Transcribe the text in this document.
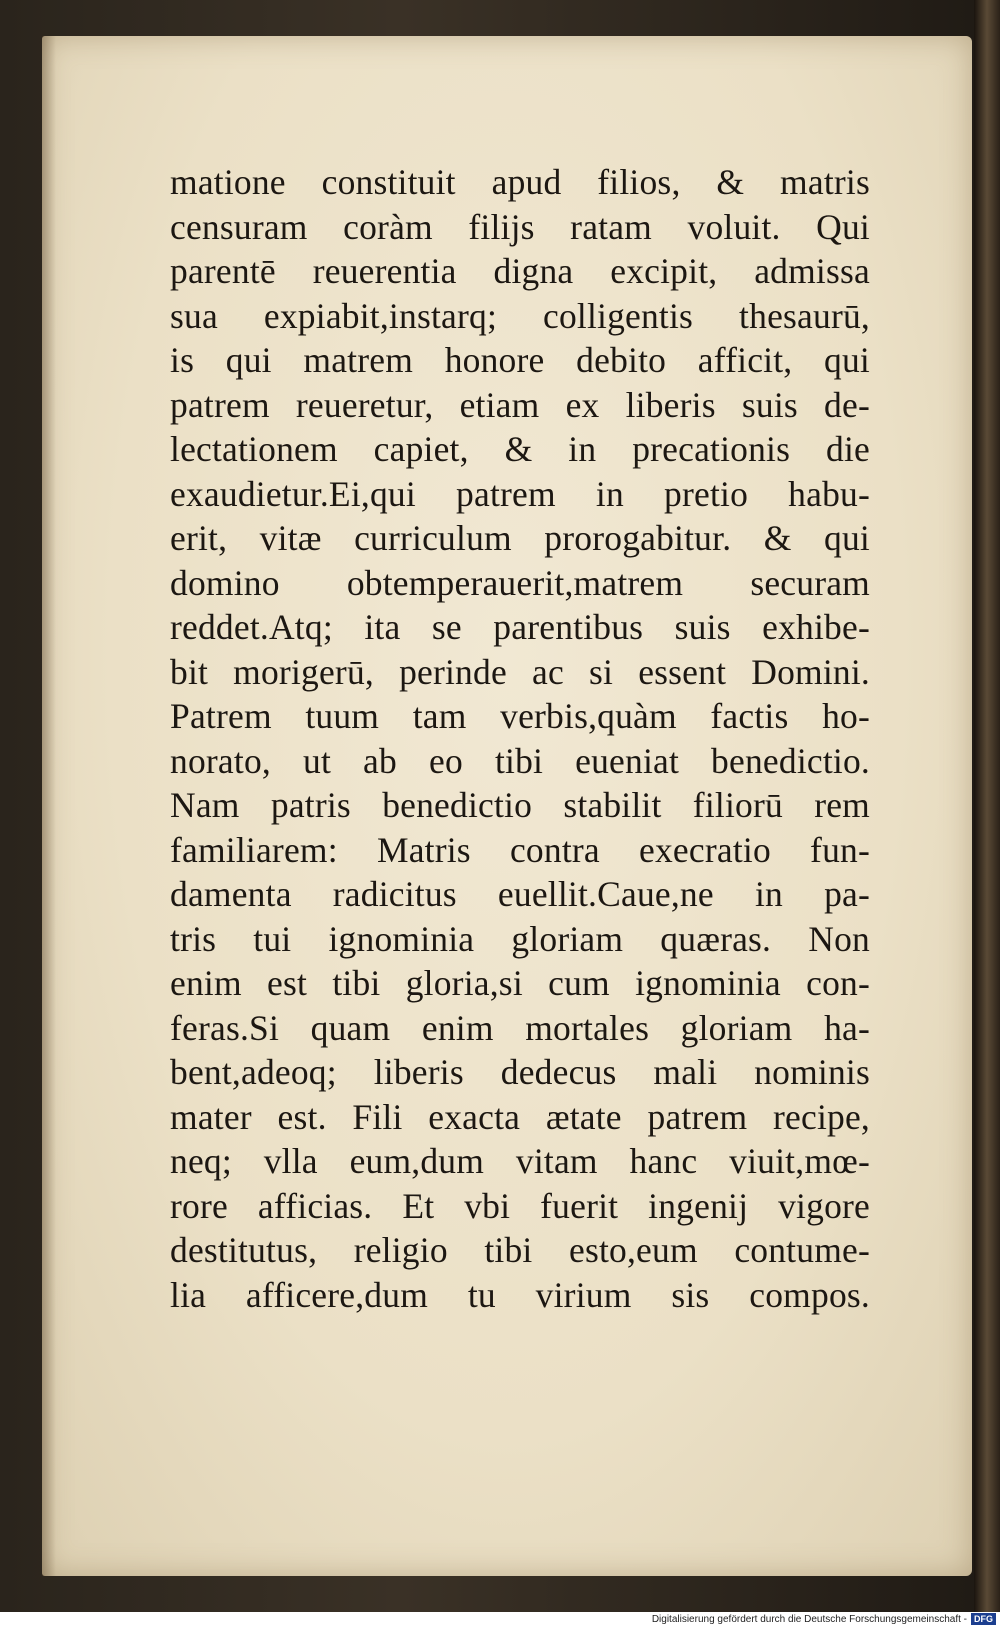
matione constituit apud filios, & matris
censuram coràm filijs ratam voluit. Qui
parentē reuerentia digna excipit, admissa
sua expiabit,instarq; colligentis thesaurū,
is qui matrem honore debito afficit, qui
patrem reueretur, etiam ex liberis suis de-
lectationem capiet, & in precationis die
exaudietur.Ei,qui patrem in pretio habu-
erit, vitæ curriculum prorogabitur. & qui
domino obtemperauerit,matrem securam
reddet.Atq; ita se parentibus suis exhibe-
bit morigerū, perinde ac si essent Domini.
Patrem tuum tam verbis,quàm factis ho-
norato, ut ab eo tibi eueniat benedictio.
Nam patris benedictio stabilit filiorū rem
familiarem: Matris contra execratio fun-
damenta radicitus euellit.Caue,ne in pa-
tris tui ignominia gloriam quæras. Non
enim est tibi gloria,si cum ignominia con-
feras.Si quam enim mortales gloriam ha-
bent,adeoq; liberis dedecus mali nominis
mater est. Fili exacta ætate patrem recipe,
neq; vlla eum,dum vitam hanc viuit,mœ-
rore afficias. Et vbi fuerit ingenij vigore
destitutus, religio tibi esto,eum contume-
lia afficere,dum tu virium sis compos.
Digitalisierung gefördert durch die Deutsche Forschungsgemeinschaft - DFG
